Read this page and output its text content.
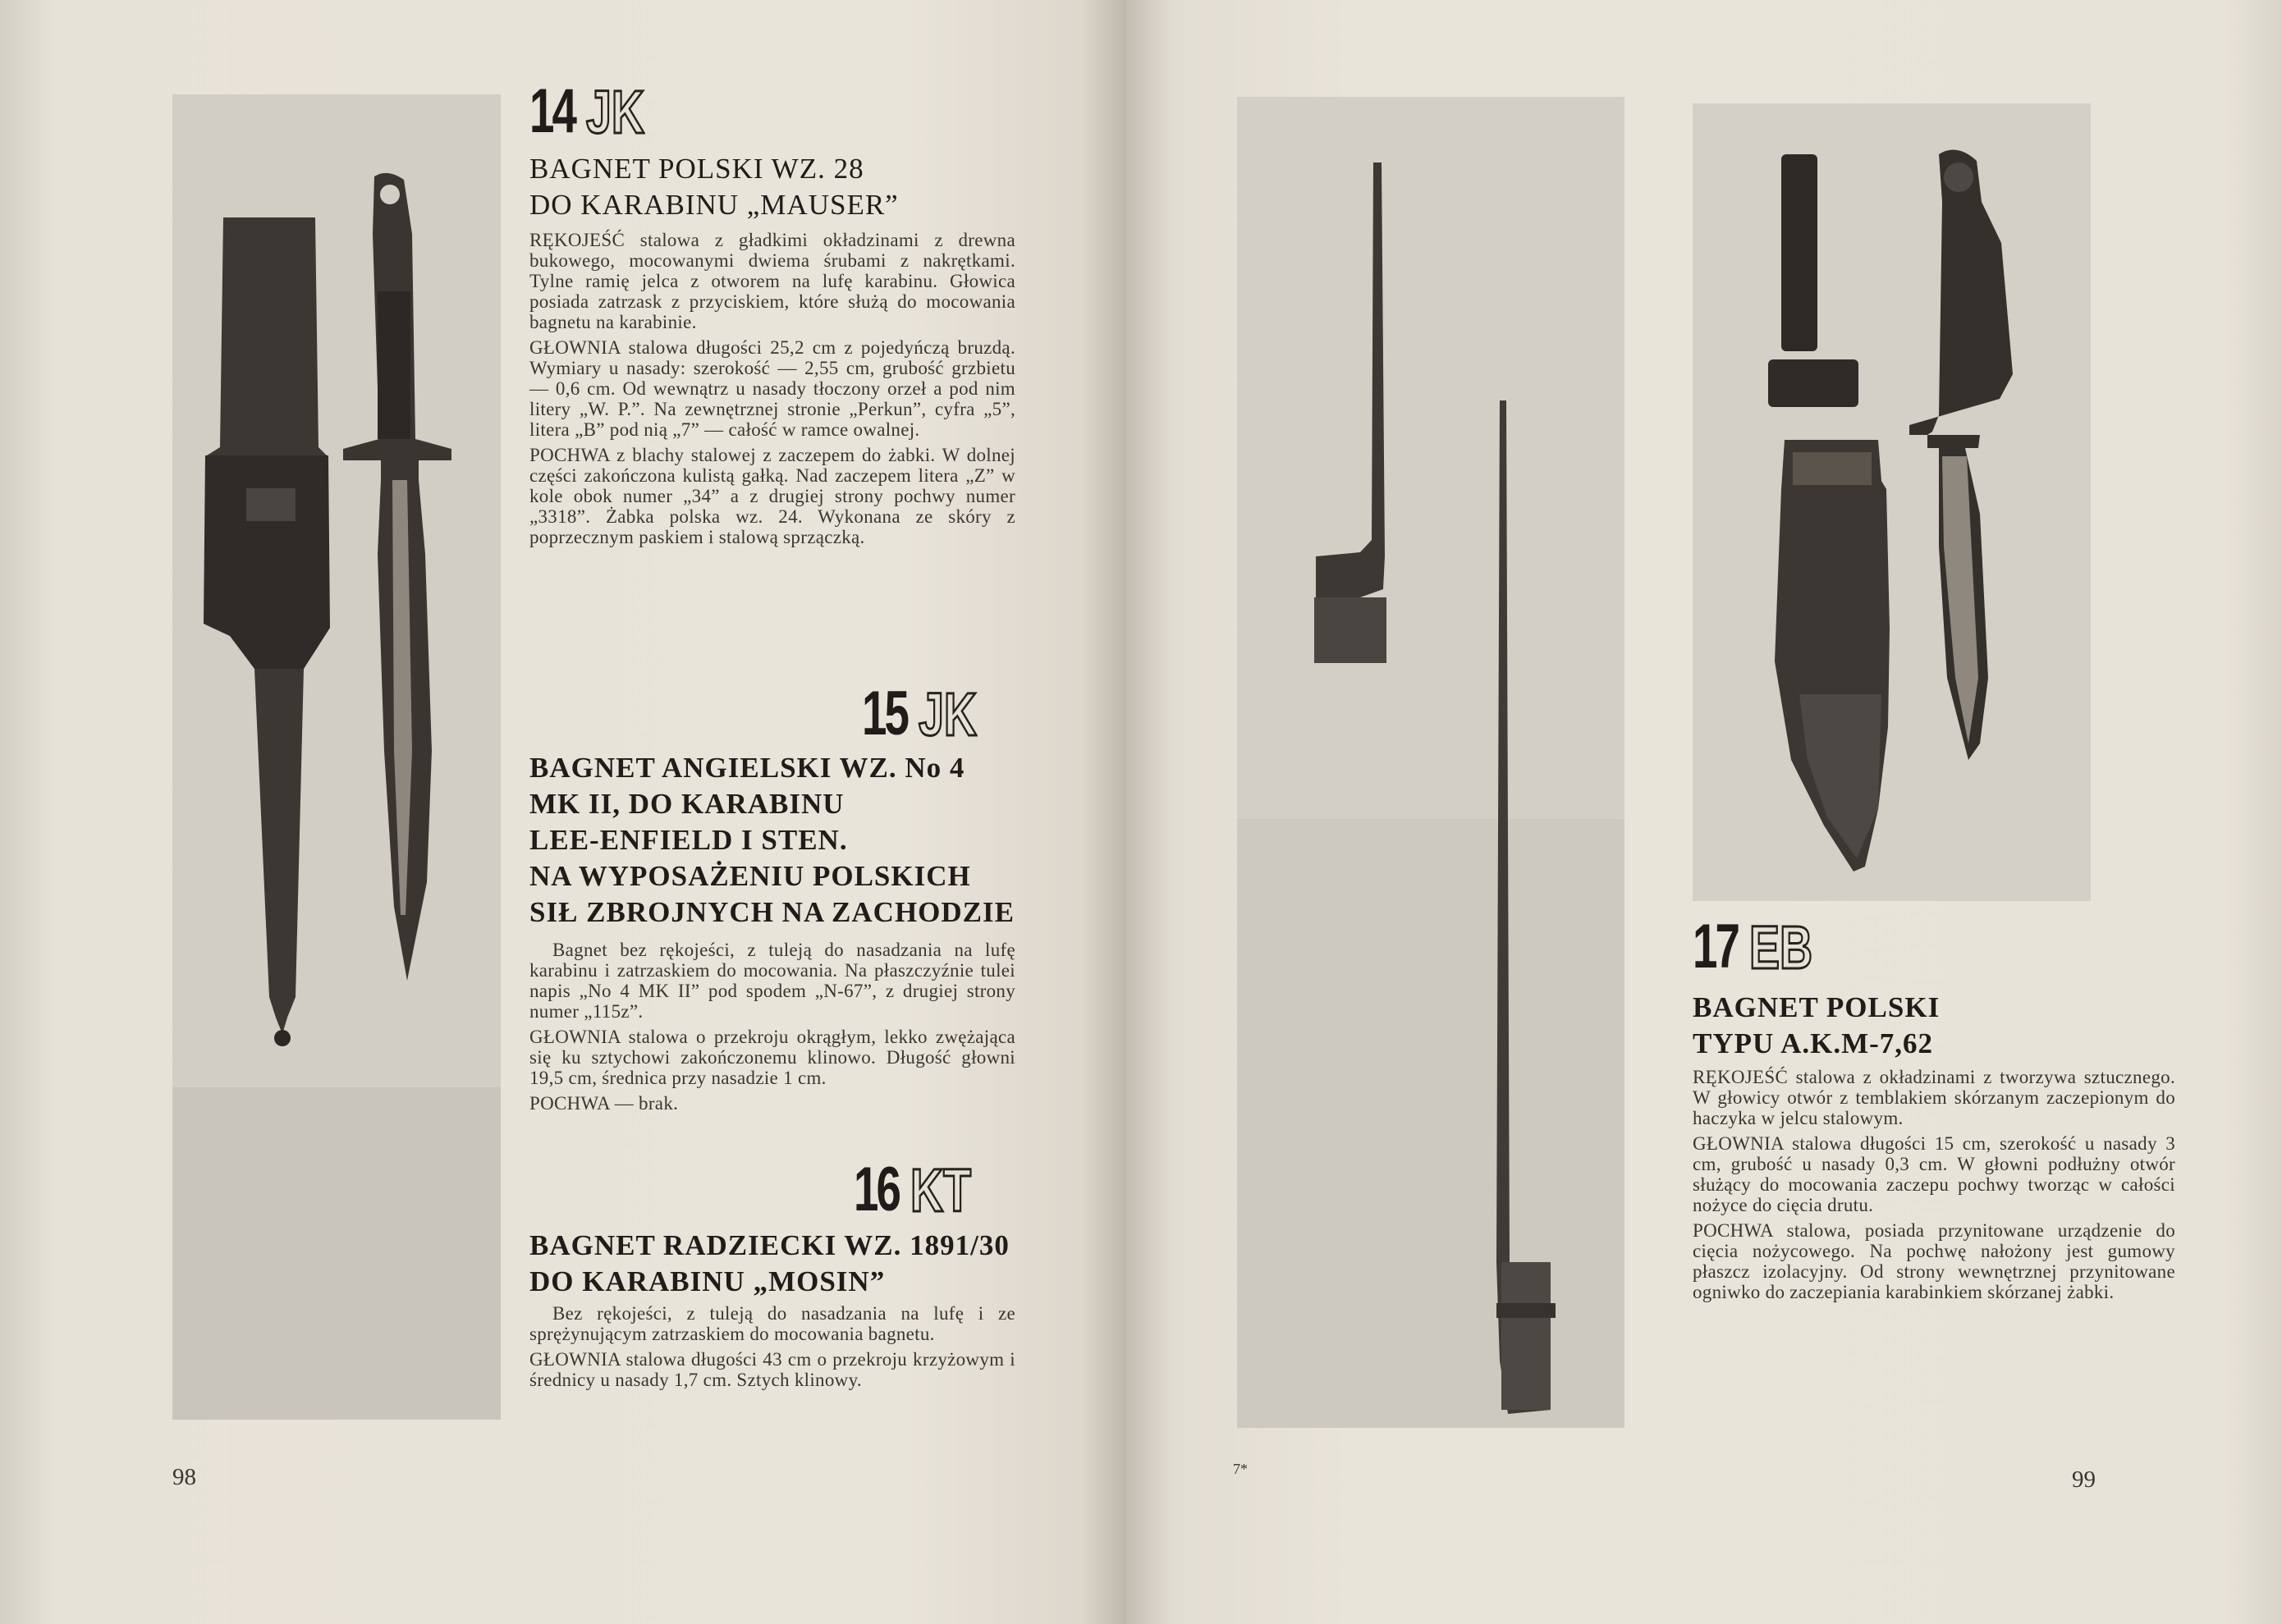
14 JK
BAGNET POLSKI WZ. 28
DO KARABINU „MAUSER”

RĘKOJEŚĆ stalowa z gładkimi okładzinami z drewna bukowego, mocowanymi dwiema śrubami z nakrętkami. Tylne ramię jelca z otworem na lufę karabinu. Głowica posiada zatrzask z przyciskiem, które służą do mocowania bagnetu na karabinie.

GŁOWNIA stalowa długości 25,2 cm z pojedyńczą bruzdą. Wymiary u nasady: szerokość — 2,55 cm, grubość grzbietu — 0,6 cm. Od wewnątrz u nasady tłoczony orzeł a pod nim litery „W. P.”. Na zewnętrznej stronie „Perkun”, cyfra „5”, litera „B” pod nią „7” — całość w ramce owalnej.

POCHWA z blachy stalowej z zaczepem do żabki. W dolnej części zakończona kulistą gałką. Nad zaczepem litera „Z” w kole obok numer „34” a z drugiej strony pochwy numer „3318”. Żabka polska wz. 24. Wykonana ze skóry z poprzecznym paskiem i stalową sprzączką.

15 JK
BAGNET ANGIELSKI WZ. No 4
MK II, DO KARABINU
LEE-ENFIELD I STEN.
NA WYPOSAŻENIU POLSKICH
SIŁ ZBROJNYCH NA ZACHODZIE

Bagnet bez rękojeści, z tuleją do nasadzania na lufę karabinu i zatrzaskiem do mocowania. Na płaszczyźnie tulei napis „No 4 MK II” pod spodem „N-67”, z drugiej strony numer „115z”.

GŁOWNIA stalowa o przekroju okrągłym, lekko zwężająca się ku sztychowi zakończonemu klinowo. Długość głowni 19,5 cm, średnica przy nasadzie 1 cm.

POCHWA — brak.

16 KT
BAGNET RADZIECKI WZ. 1891/30
DO KARABINU „MOSIN”

Bez rękojeści, z tuleją do nasadzania na lufę i ze sprężynującym zatrzaskiem do mocowania bagnetu.

GŁOWNIA stalowa długości 43 cm o przekroju krzyżowym i średnicy u nasady 1,7 cm. Sztych klinowy.

98
17 EB
BAGNET POLSKI
TYPU A.K.M-7,62

RĘKOJEŚĆ stalowa z okładzinami z tworzywa sztucznego. W głowicy otwór z temblakiem skórzanym zaczepionym do haczyka w jelcu stalowym.

GŁOWNIA stalowa długości 15 cm, szerokość u nasady 3 cm, grubość u nasady 0,3 cm. W głowni podłużny otwór służący do mocowania zaczepu pochwy tworząc w całości nożyce do cięcia drutu.

POCHWA stalowa, posiada przynitowane urządzenie do cięcia nożycowego. Na pochwę nałożony jest gumowy płaszcz izolacyjny. Od strony wewnętrznej przynitowane ogniwko do zaczepiania karabinkiem skórzanej żabki.

7*	99
